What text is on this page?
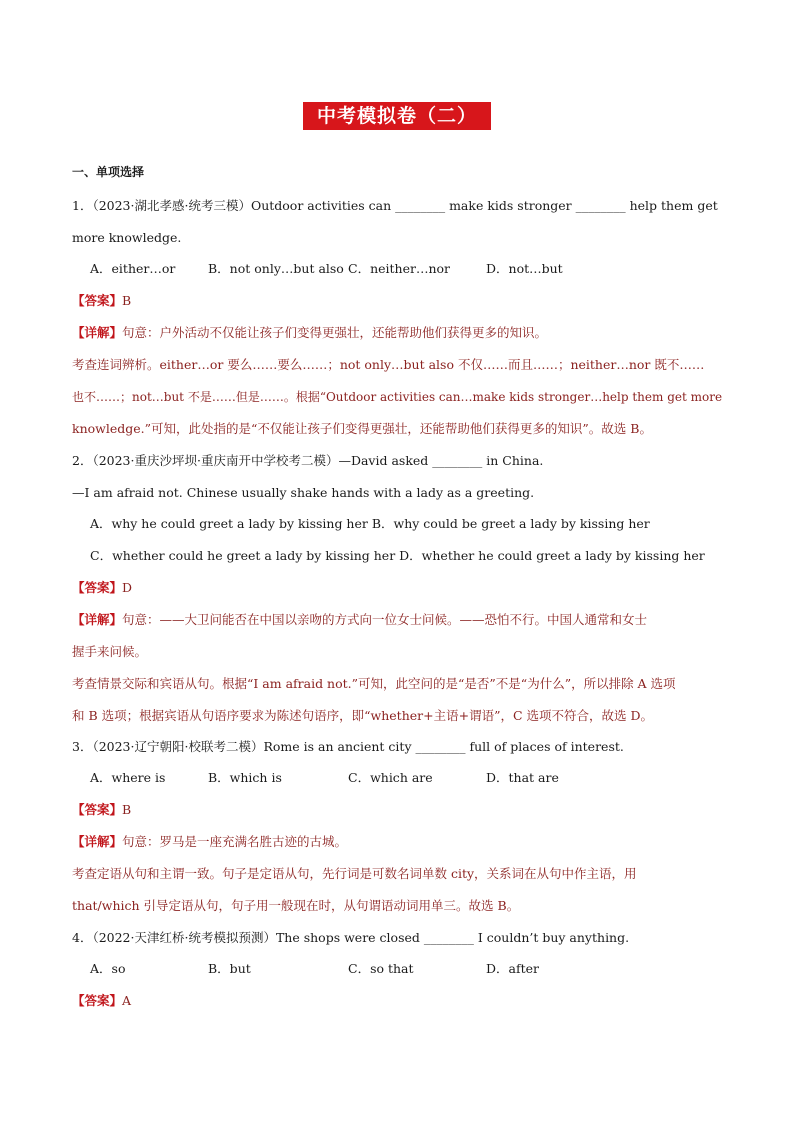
中考模拟卷（二）
一、单项选择
1．（2023·湖北孝感·统考三模）Outdoor activities can ________ make kids stronger ________ help them get
more knowledge.
A．either…or	B．not only…but also C．neither…nor	D．not…but
【答案】B
【详解】句意：户外活动不仅能让孩子们变得更强壮，还能帮助他们获得更多的知识。
考查连词辨析。either…or 要么……要么……；not only…but also 不仅……而且……；neither…nor 既不……
也不……；not…but 不是……但是……。根据“Outdoor activities can…make kids stronger…help them get more
knowledge.”可知，此处指的是“不仅能让孩子们变得更强壮，还能帮助他们获得更多的知识”。故选 B。
2．（2023·重庆沙坪坝·重庆南开中学校考二模）—David asked ________ in China.
—I am afraid not. Chinese usually shake hands with a lady as a greeting.
A．why he could greet a lady by kissing her B．why could be greet a lady by kissing her
C．whether could he greet a lady by kissing her D．whether he could greet a lady by kissing her
【答案】D
【详解】句意：——大卫问能否在中国以亲吻的方式向一位女士问候。——恐怕不行。中国人通常和女士
握手来问候。
考查情景交际和宾语从句。根据“I am afraid not.”可知，此空问的是“是否”不是“为什么”，所以排除 A 选项
和 B 选项；根据宾语从句语序要求为陈述句语序，即“whether+主语+谓语”，C 选项不符合，故选 D。
3．（2023·辽宁朝阳·校联考二模）Rome is an ancient city ________ full of places of interest.
A．where is	B．which is	C．which are	D．that are
【答案】B
【详解】句意：罗马是一座充满名胜古迹的古城。
考查定语从句和主谓一致。句子是定语从句，先行词是可数名词单数 city，关系词在从句中作主语，用
that/which 引导定语从句，句子用一般现在时，从句谓语动词用单三。故选 B。
4．（2022·天津红桥·统考模拟预测）The shops were closed ________ I couldn’t buy anything.
A．so	B．but	C．so that	D．after
【答案】A
